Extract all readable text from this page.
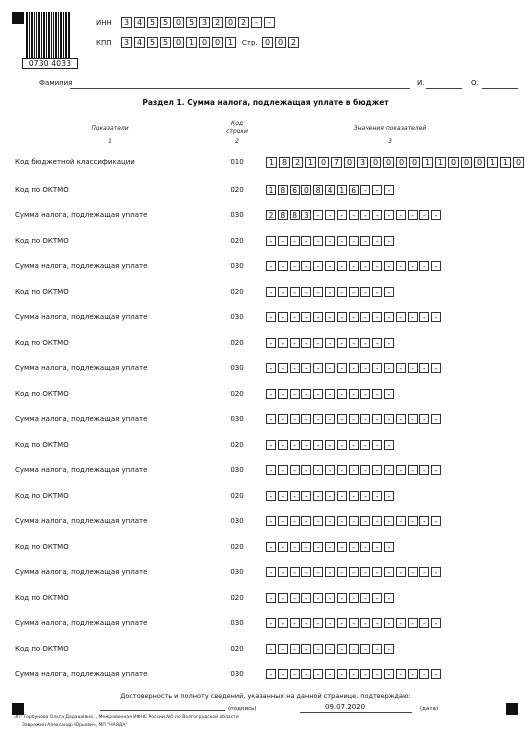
0730 4033
ИНН	3 4 5 5 0 5 3 2 0 2	-	-
КПП	3 4 5 5 0 1 0 0 1	Стр. 0 0 2
Фамилия	И.	О.
Раздел 1. Сумма налога, подлежащая уплате в бюджет
Показатели
Код
строки	Значения показателей
1	2	3
Код бюджетной классификации	010	1 8 2 1 0 7 0 3 0 0 0 0 1 1 0 0 0 1 1 0
Код по ОКТМО	020	1 8 6 0 8 4 1 6	-	-	-
Сумма налога, подлежащая уплате	030	2 8 8 3	-	-	-	-	-	-	-	-	-	-	-
Код по ОКТМО	020	-	-	-	-	-	-	-	-	-	-	-
Сумма налога, подлежащая уплате	030	-	-	-	-	-	-	-	-	-	-	-	-	-	-	-
Код по ОКТМО	020	-	-	-	-	-	-	-	-	-	-	-
Сумма налога, подлежащая уплате	030	-	-	-	-	-	-	-	-	-	-	-	-	-	-	-
Код по ОКТМО	020	-	-	-	-	-	-	-	-	-	-	-
Сумма налога, подлежащая уплате	030	-	-	-	-	-	-	-	-	-	-	-	-	-	-	-
Код по ОКТМО	020	-	-	-	-	-	-	-	-	-	-	-
Сумма налога, подлежащая уплате	030	-	-	-	-	-	-	-	-	-	-	-	-	-	-	-
Код по ОКТМО	020	-	-	-	-	-	-	-	-	-	-	-
Сумма налога, подлежащая уплате	030	-	-	-	-	-	-	-	-	-	-	-	-	-	-	-
Код по ОКТМО	020	-	-	-	-	-	-	-	-	-	-	-
Сумма налога, подлежащая уплате	030	-	-	-	-	-	-	-	-	-	-	-	-	-	-	-
Код по ОКТМО	020	-	-	-	-	-	-	-	-	-	-	-
Сумма налога, подлежащая уплате	030	-	-	-	-	-	-	-	-	-	-	-	-	-	-	-
Код по ОКТМО	020	-	-	-	-	-	-	-	-	-	-	-
Сумма налога, подлежащая уплате	030	-	-	-	-	-	-	-	-	-	-	-	-	-	-	-
Код по ОКТМО	020	-	-	-	-	-	-	-	-	-	-	-
Сумма налога, подлежащая уплате	030	-	-	-	-	-	-	-	-	-	-	-	-	-	-	-
Достоверность и полноту сведений, указанных на данной странице, подтверждаю:
(подпись)	09.07.2020	(дата)
ЭП: Горбунова Ольга Дадашевна, , Межрайонная ИФНС России №5 по Волгоградской области
Завражин Александр Юрьевич, МП "НАЯДА"
